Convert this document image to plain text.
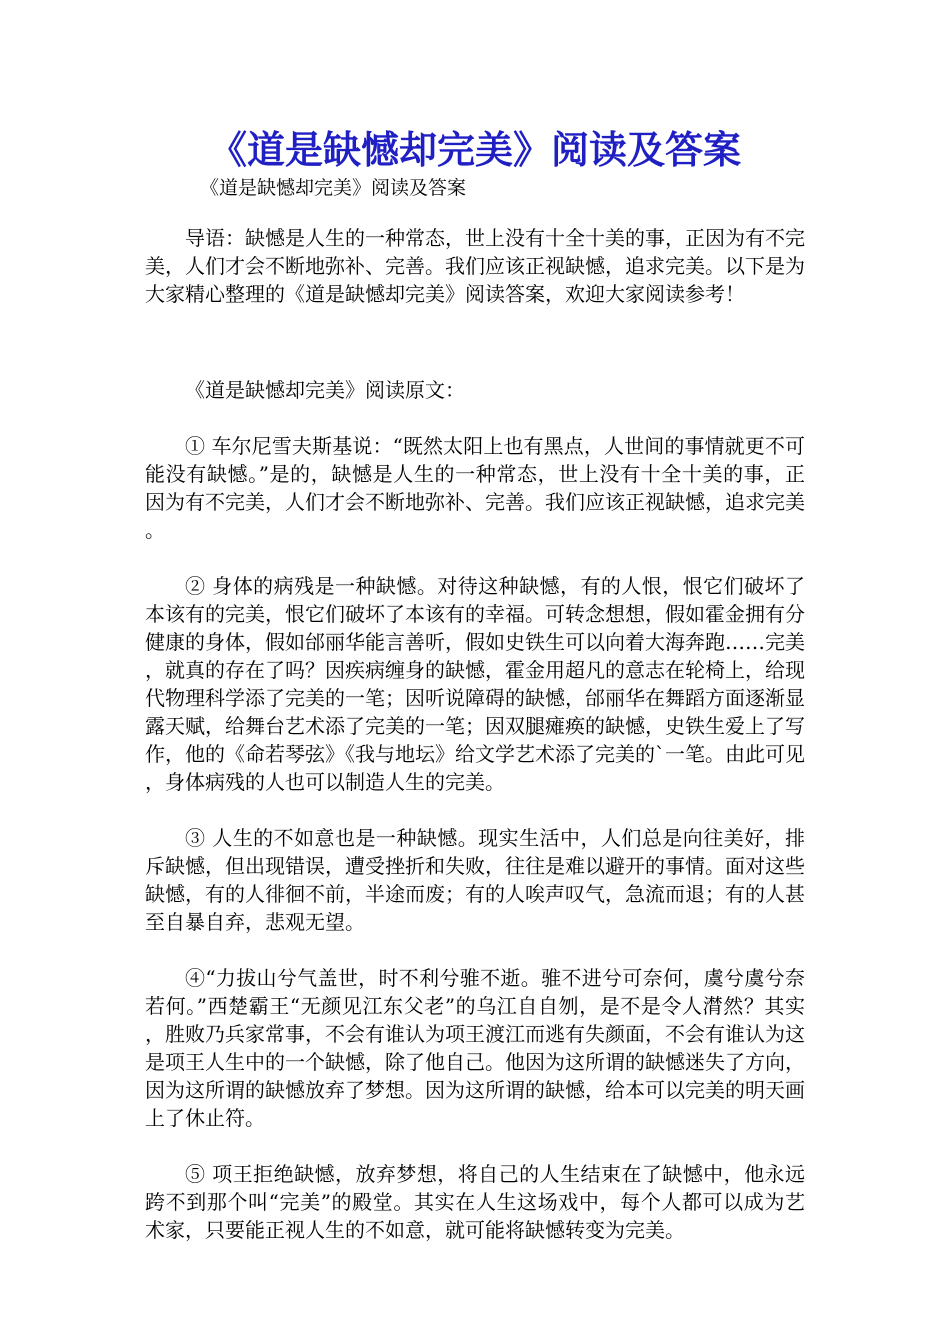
《道是缺憾却完美》阅读及答案

《道是缺憾却完美》阅读及答案

导语：缺憾是人生的一种常态，世上没有十全十美的事，正因为有不完美，人们才会不断地弥补、完善。我们应该正视缺憾，追求完美。以下是为大家精心整理的《道是缺憾却完美》阅读答案，欢迎大家阅读参考！

《道是缺憾却完美》阅读原文：

① 车尔尼雪夫斯基说：“既然太阳上也有黑点，人世间的事情就更不可能没有缺憾。”是的，缺憾是人生的一种常态，世上没有十全十美的事，正因为有不完美，人们才会不断地弥补、完善。我们应该正视缺憾，追求完美。

② 身体的病残是一种缺憾。对待这种缺憾，有的人恨，恨它们破坏了本该有的完美，恨它们破坏了本该有的幸福。可转念想想，假如霍金拥有分健康的身体，假如邰丽华能言善听，假如史铁生可以向着大海奔跑……完美，就真的存在了吗？因疾病缠身的缺憾，霍金用超凡的意志在轮椅上，给现代物理科学添了完美的一笔；因听说障碍的缺憾，邰丽华在舞蹈方面逐渐显露天赋，给舞台艺术添了完美的一笔；因双腿瘫痪的缺憾，史铁生爱上了写作，他的《命若琴弦》《我与地坛》给文学艺术添了完美的`一笔。由此可见，身体病残的人也可以制造人生的完美。

③ 人生的不如意也是一种缺憾。现实生活中，人们总是向往美好，排斥缺憾，但出现错误，遭受挫折和失败，往往是难以避开的事情。面对这些缺憾，有的人徘徊不前，半途而废；有的人唉声叹气，急流而退；有的人甚至自暴自弃，悲观无望。

④“力拔山兮气盖世，时不利兮骓不逝。骓不进兮可奈何，虞兮虞兮奈若何。”西楚霸王“无颜见江东父老”的乌江自自刎，是不是令人潸然？其实，胜败乃兵家常事，不会有谁认为项王渡江而逃有失颜面，不会有谁认为这是项王人生中的一个缺憾，除了他自己。他因为这所谓的缺憾迷失了方向，因为这所谓的缺憾放弃了梦想。因为这所谓的缺憾，给本可以完美的明天画上了休止符。

⑤ 项王拒绝缺憾，放弃梦想，将自己的人生结束在了缺憾中，他永远跨不到那个叫“完美”的殿堂。其实在人生这场戏中，每个人都可以成为艺术家，只要能正视人生的不如意，就可能将缺憾转变为完美。
